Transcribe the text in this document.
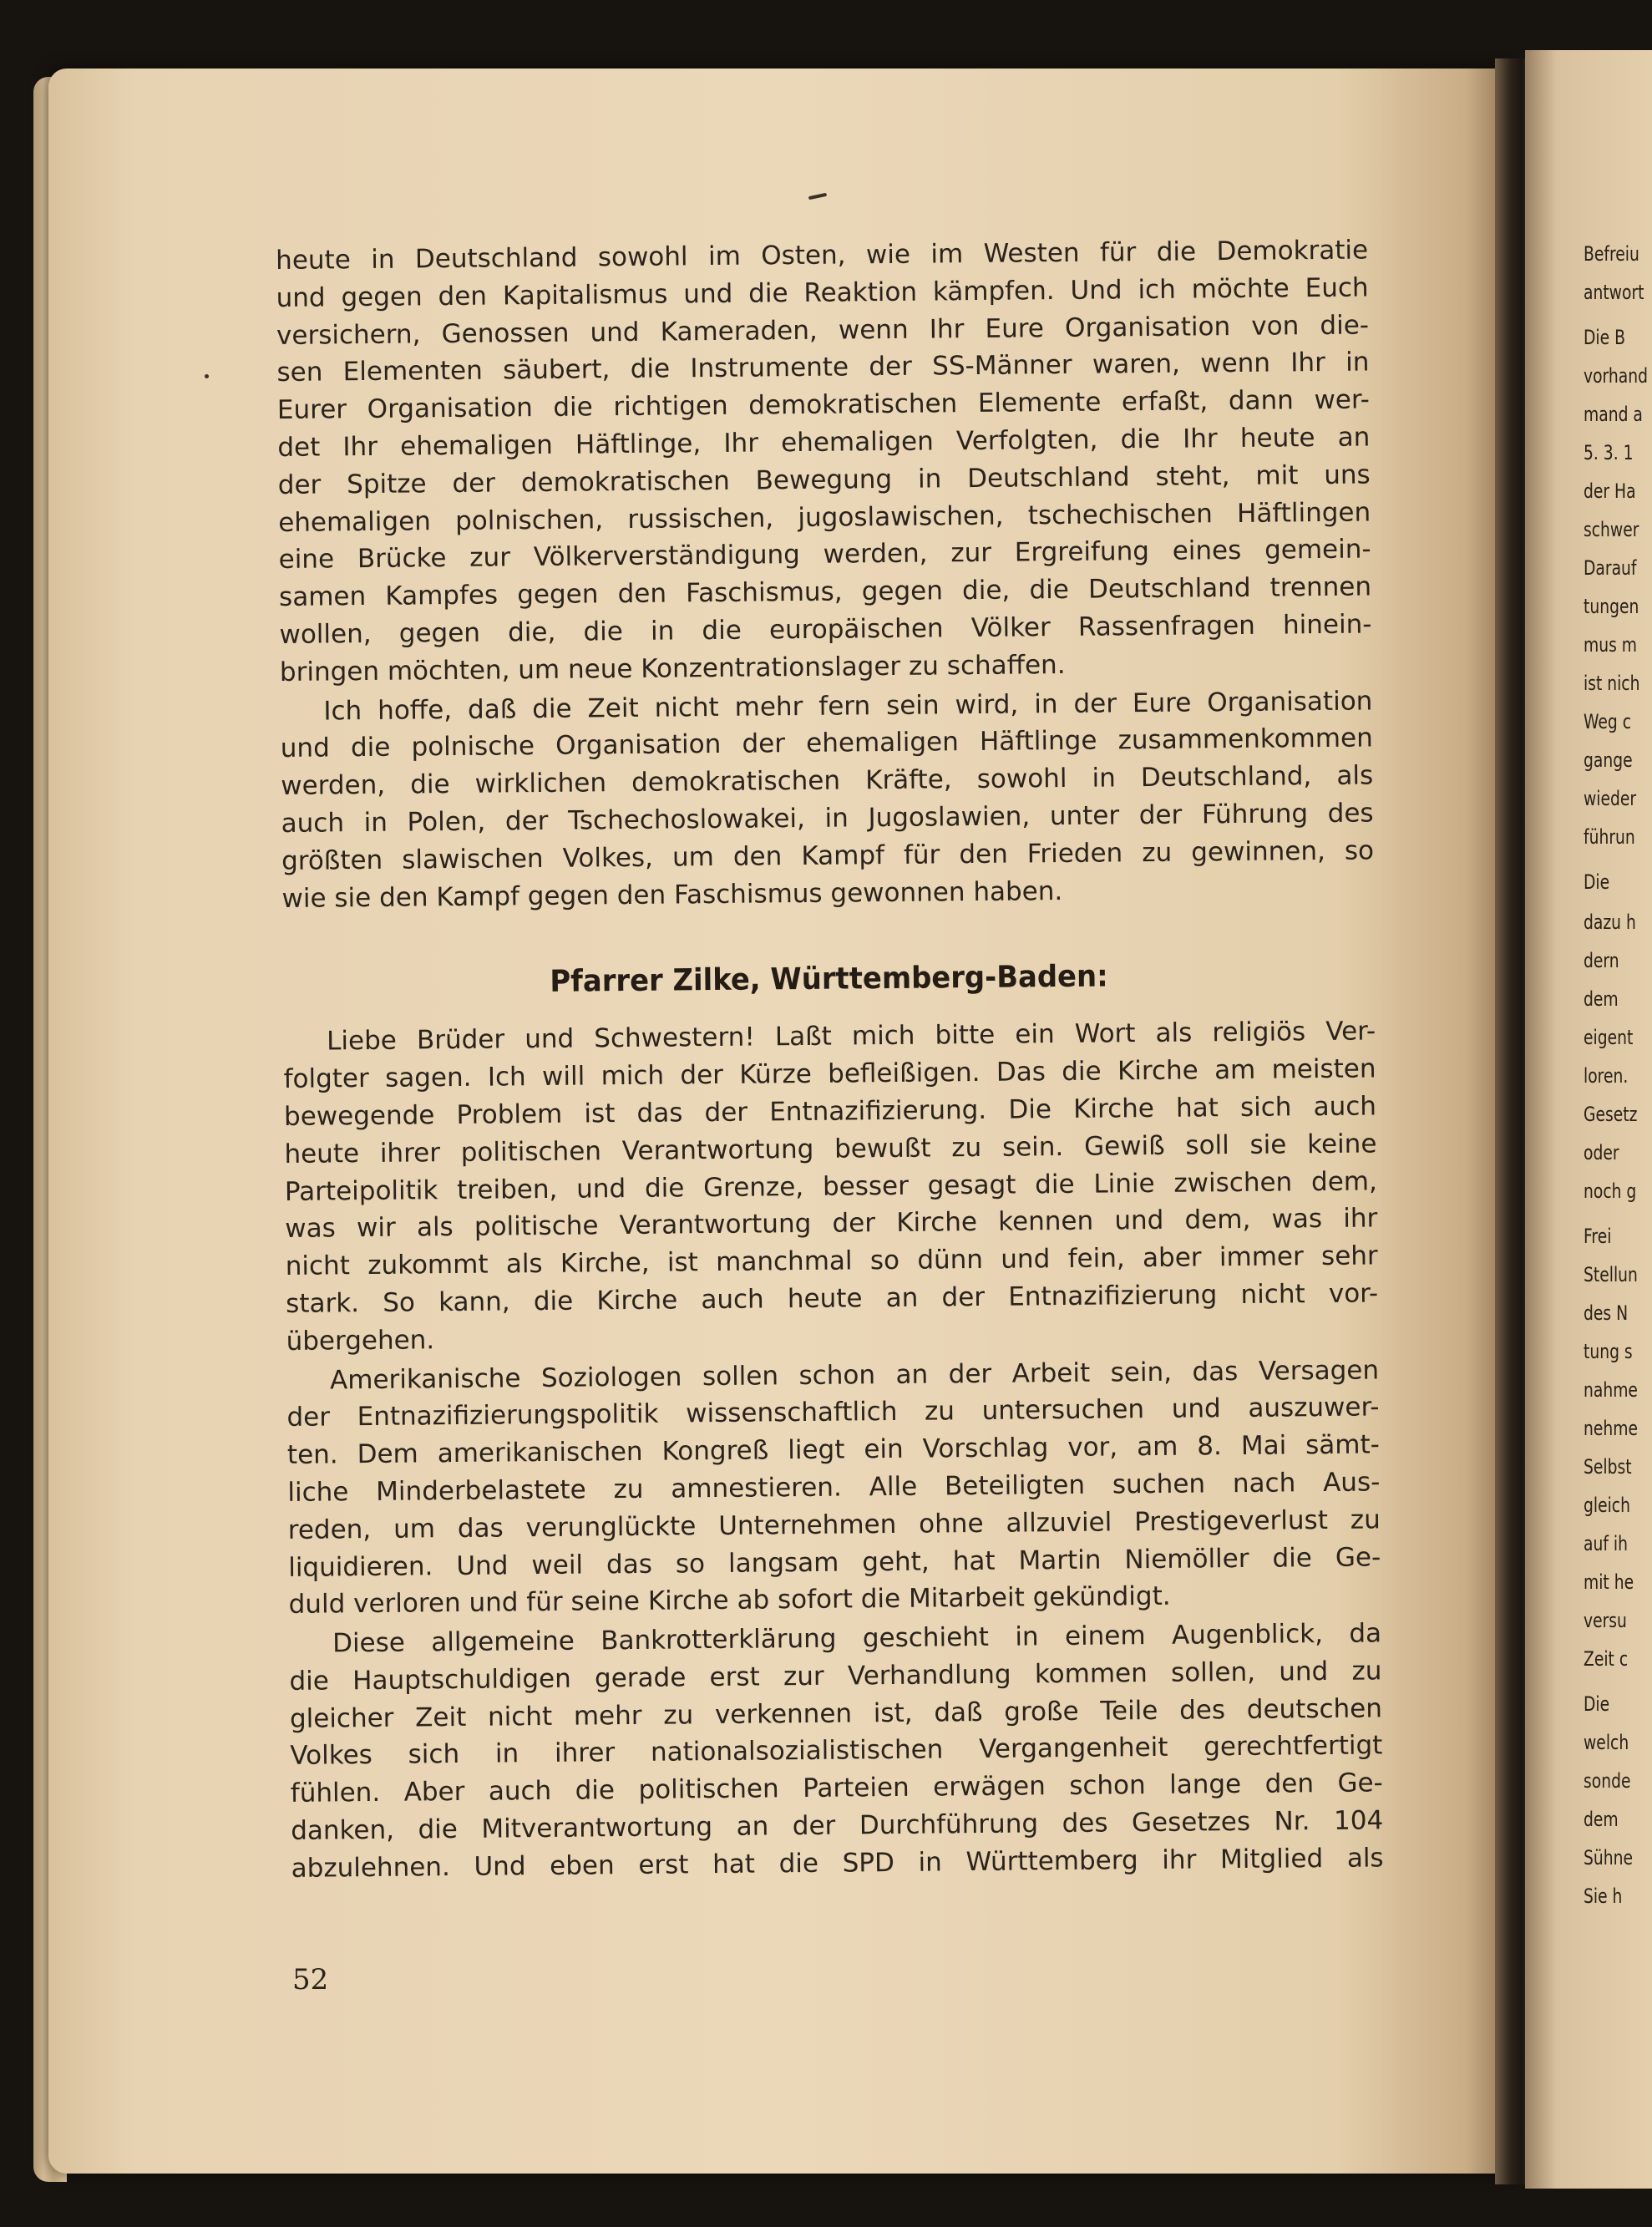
Befreiu
antwort
Die B
vorhand
mand a
5. 3. 1
der Ha
schwer
Darauf
tungen
mus m
ist nich
Weg c
gange
wieder
führun
Die
dazu h
dern
dem
eigent
loren.
Gesetz
oder
noch g
Frei
Stellun
des N
tung s
nahme
nehme
Selbst
gleich
auf ih
mit he
versu
Zeit c
Die
welch
sonde
dem
Sühne
Sie h
heute in Deutschland sowohl im Osten, wie im Westen für die Demokratie
und gegen den Kapitalismus und die Reaktion kämpfen. Und ich möchte Euch
versichern, Genossen und Kameraden, wenn Ihr Eure Organisation von die-
sen Elementen säubert, die Instrumente der SS-Männer waren, wenn Ihr in
Eurer Organisation die richtigen demokratischen Elemente erfaßt, dann wer-
det Ihr ehemaligen Häftlinge, Ihr ehemaligen Verfolgten, die Ihr heute an
der Spitze der demokratischen Bewegung in Deutschland steht, mit uns
ehemaligen polnischen, russischen, jugoslawischen, tschechischen Häftlingen
eine Brücke zur Völkerverständigung werden, zur Ergreifung eines gemein-
samen Kampfes gegen den Faschismus, gegen die, die Deutschland trennen
wollen, gegen die, die in die europäischen Völker Rassenfragen hinein-
bringen möchten, um neue Konzentrationslager zu schaffen.
Ich hoffe, daß die Zeit nicht mehr fern sein wird, in der Eure Organisation
und die polnische Organisation der ehemaligen Häftlinge zusammenkommen
werden, die wirklichen demokratischen Kräfte, sowohl in Deutschland, als
auch in Polen, der Tschechoslowakei, in Jugoslawien, unter der Führung des
größten slawischen Volkes, um den Kampf für den Frieden zu gewinnen, so
wie sie den Kampf gegen den Faschismus gewonnen haben.
Pfarrer Zilke, Württemberg-Baden:
Liebe Brüder und Schwestern! Laßt mich bitte ein Wort als religiös Ver-
folgter sagen. Ich will mich der Kürze befleißigen. Das die Kirche am meisten
bewegende Problem ist das der Entnazifizierung. Die Kirche hat sich auch
heute ihrer politischen Verantwortung bewußt zu sein. Gewiß soll sie keine
Parteipolitik treiben, und die Grenze, besser gesagt die Linie zwischen dem,
was wir als politische Verantwortung der Kirche kennen und dem, was ihr
nicht zukommt als Kirche, ist manchmal so dünn und fein, aber immer sehr
stark. So kann, die Kirche auch heute an der Entnazifizierung nicht vor-
übergehen.
Amerikanische Soziologen sollen schon an der Arbeit sein, das Versagen
der Entnazifizierungspolitik wissenschaftlich zu untersuchen und auszuwer-
ten. Dem amerikanischen Kongreß liegt ein Vorschlag vor, am 8. Mai sämt-
liche Minderbelastete zu amnestieren. Alle Beteiligten suchen nach Aus-
reden, um das verunglückte Unternehmen ohne allzuviel Prestigeverlust zu
liquidieren. Und weil das so langsam geht, hat Martin Niemöller die Ge-
duld verloren und für seine Kirche ab sofort die Mitarbeit gekündigt.
Diese allgemeine Bankrotterklärung geschieht in einem Augenblick, da
die Hauptschuldigen gerade erst zur Verhandlung kommen sollen, und zu
gleicher Zeit nicht mehr zu verkennen ist, daß große Teile des deutschen
Volkes sich in ihrer nationalsozialistischen Vergangenheit gerechtfertigt
fühlen. Aber auch die politischen Parteien erwägen schon lange den Ge-
danken, die Mitverantwortung an der Durchführung des Gesetzes Nr. 104
abzulehnen. Und eben erst hat die SPD in Württemberg ihr Mitglied als
52
